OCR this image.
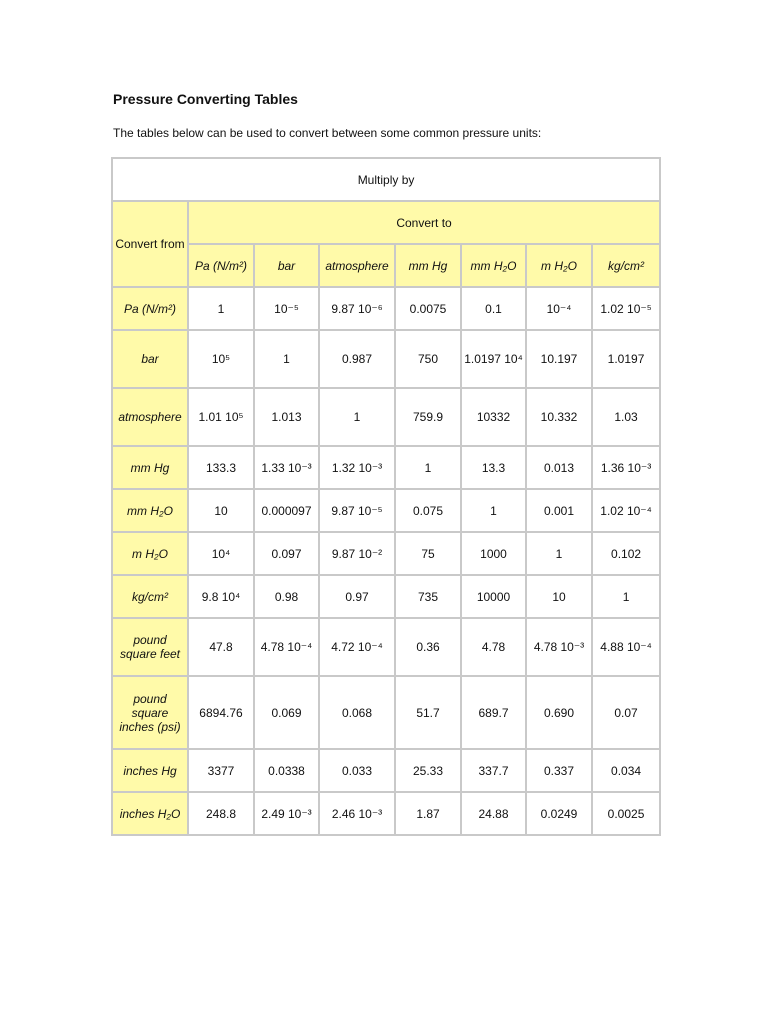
Pressure Converting Tables

The tables below can be used to convert between some common pressure units:

Multiply by							
Convert from	Convert to						
	Pa (N/m²)	bar	atmosphere	mm Hg	mm H₂O	m H₂O	kg/cm²
Pa (N/m²)	1	10⁻⁵	9.87 10⁻⁶	0.0075	0.1	10⁻⁴	1.02 10⁻⁵
bar	10⁵	1	0.987	750	1.0197 10⁴	10.197	1.0197
atmosphere	1.01 10⁵	1.013	1	759.9	10332	10.332	1.03
mm Hg	133.3	1.33 10⁻³	1.32 10⁻³	1	13.3	0.013	1.36 10⁻³
mm H₂O	10	0.000097	9.87 10⁻⁵	0.075	1	0.001	1.02 10⁻⁴
m H₂O	10⁴	0.097	9.87 10⁻²	75	1000	1	0.102
kg/cm²	9.8 10⁴	0.98	0.97	735	10000	10	1
pound square feet	47.8	4.78 10⁻⁴	4.72 10⁻⁴	0.36	4.78	4.78 10⁻³	4.88 10⁻⁴
pound square inches (psi)	6894.76	0.069	0.068	51.7	689.7	0.690	0.07
inches Hg	3377	0.0338	0.033	25.33	337.7	0.337	0.034
inches H₂O	248.8	2.49 10⁻³	2.46 10⁻³	1.87	24.88	0.0249	0.0025
